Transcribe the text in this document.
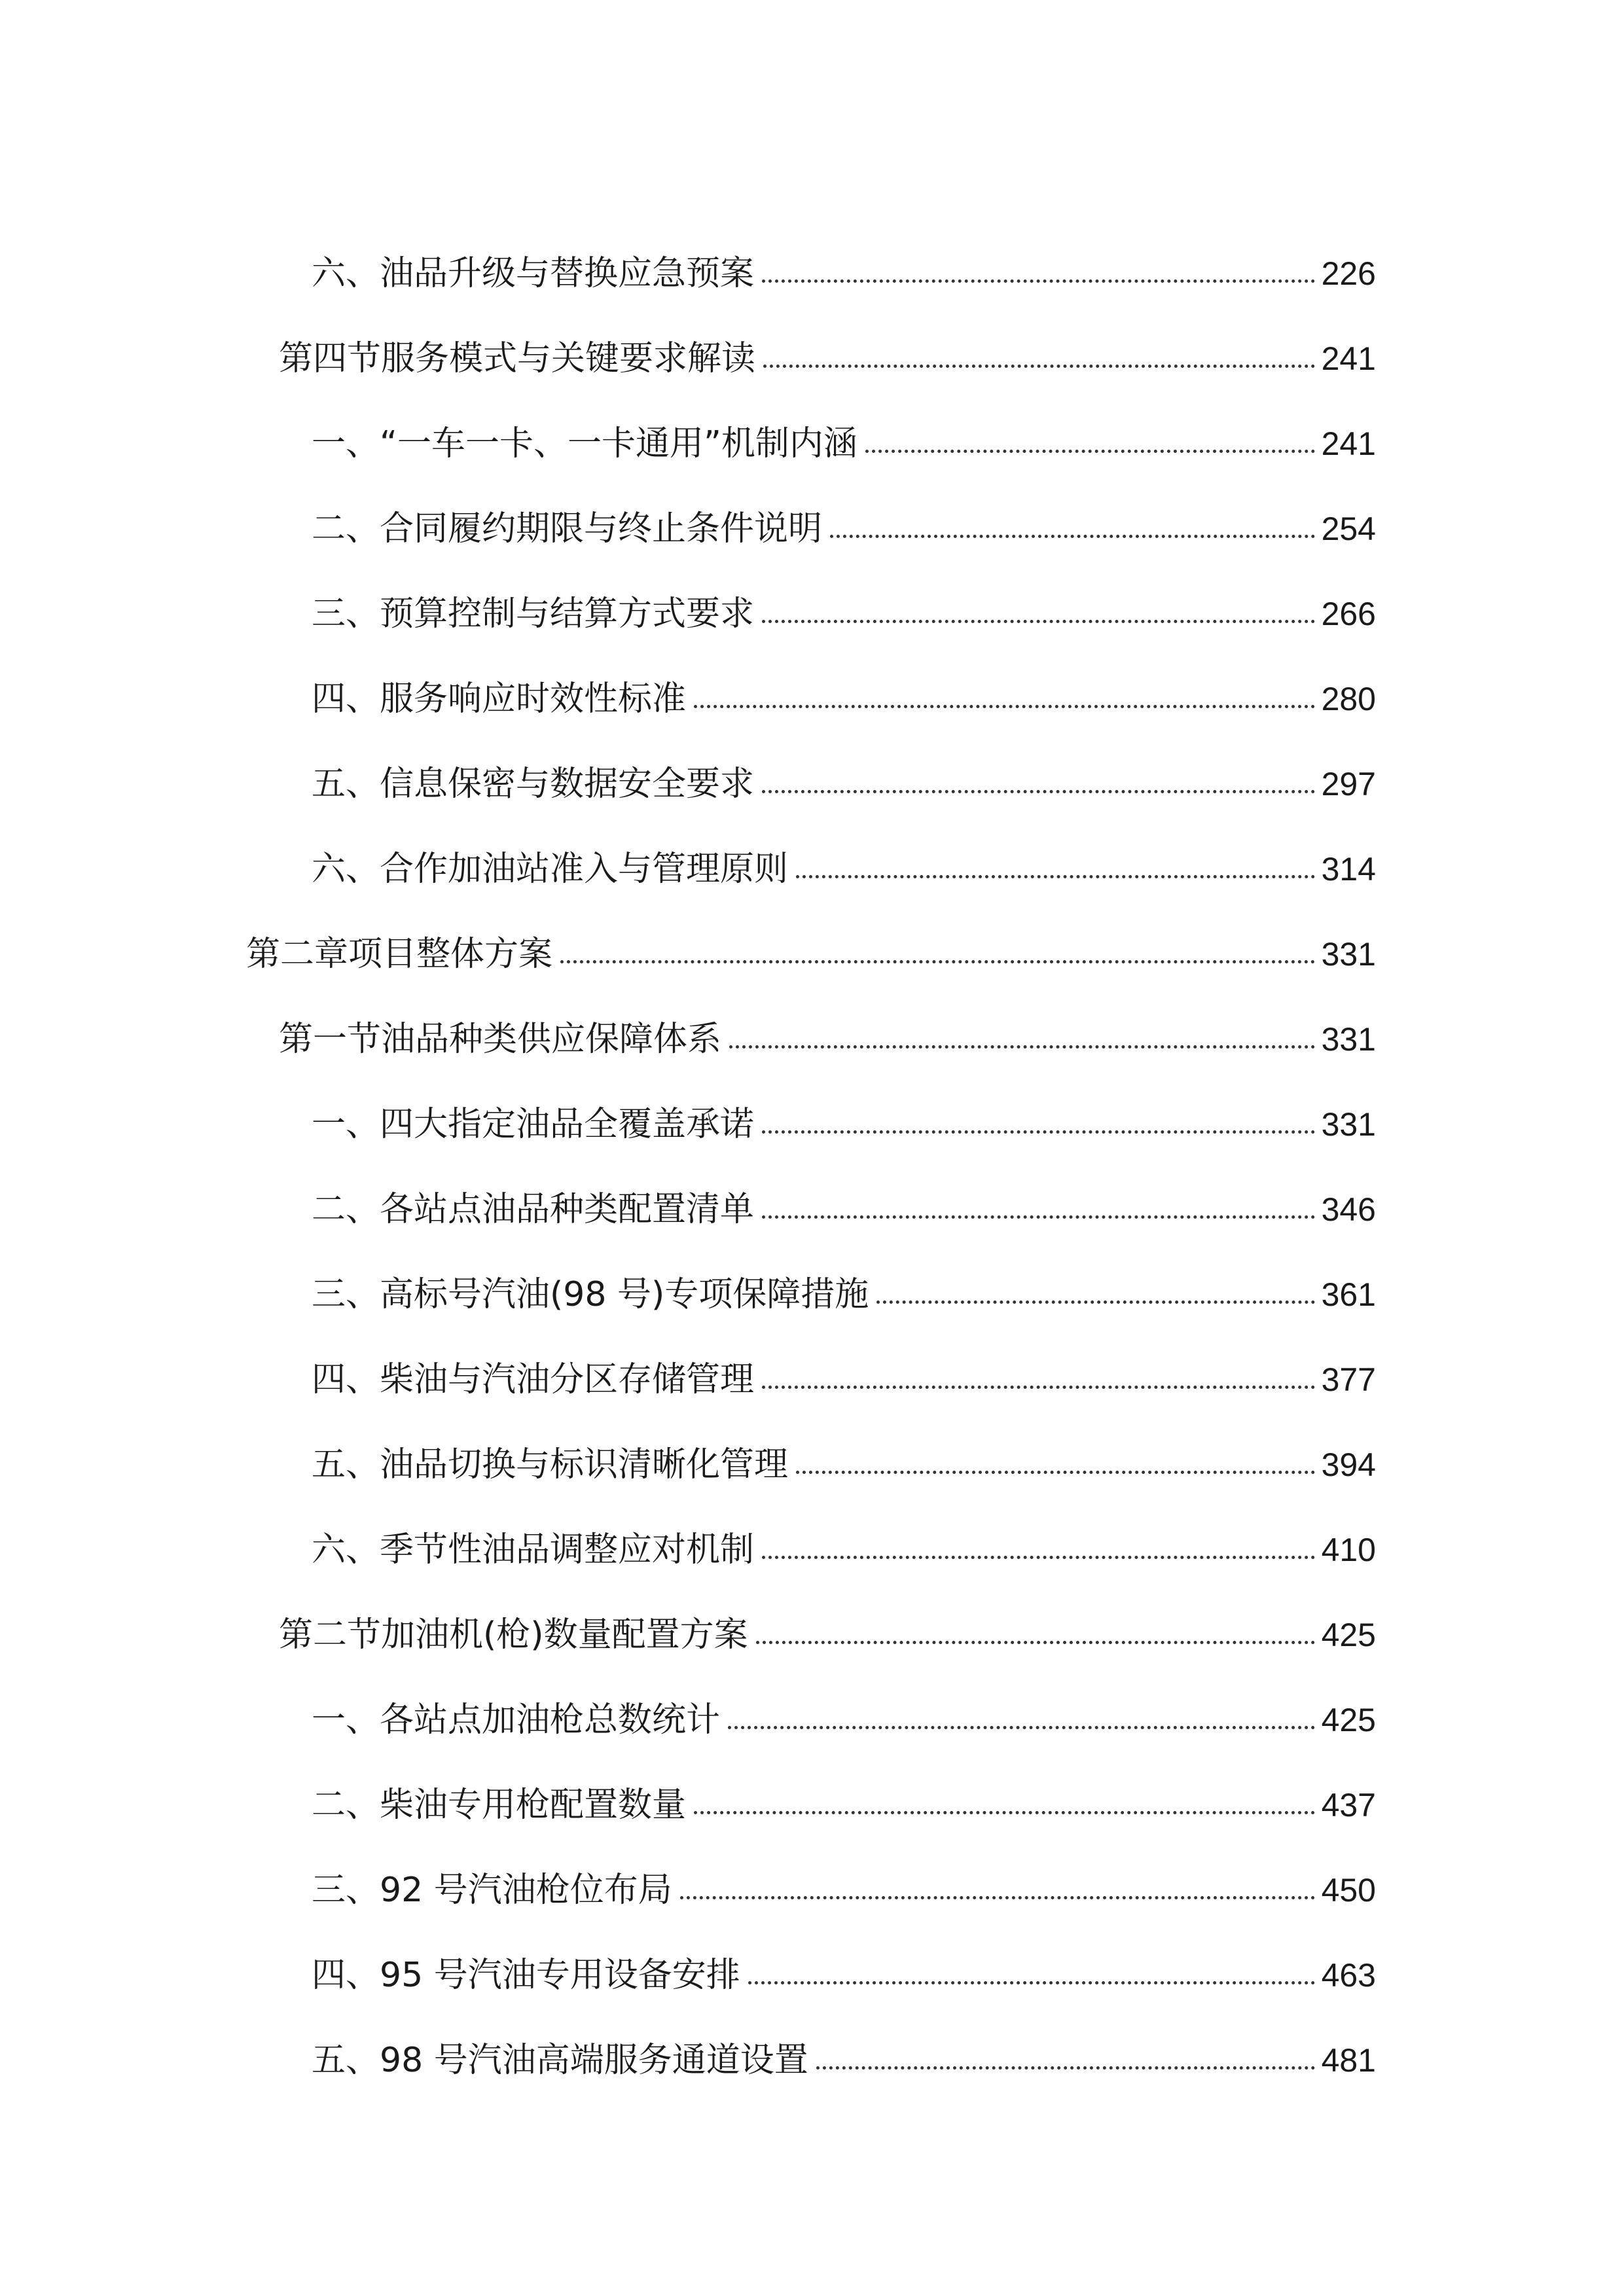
六、油品升级与替换应急预案	226
第四节服务模式与关键要求解读	241
一、“一车一卡、一卡通用”机制内涵	241
二、合同履约期限与终止条件说明	254
三、预算控制与结算方式要求	266
四、服务响应时效性标准	280
五、信息保密与数据安全要求	297
六、合作加油站准入与管理原则	314
第二章项目整体方案	331
第一节油品种类供应保障体系	331
一、四大指定油品全覆盖承诺	331
二、各站点油品种类配置清单	346
三、高标号汽油(98 号)专项保障措施	361
四、柴油与汽油分区存储管理	377
五、油品切换与标识清晰化管理	394
六、季节性油品调整应对机制	410
第二节加油机(枪)数量配置方案	425
一、各站点加油枪总数统计	425
二、柴油专用枪配置数量	437
三、92 号汽油枪位布局	450
四、95 号汽油专用设备安排	463
五、98 号汽油高端服务通道设置	481
